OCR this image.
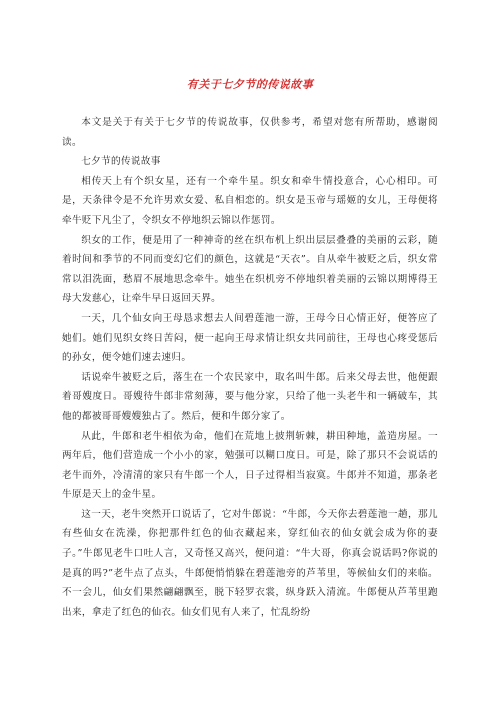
有关于七夕节的传说故事

本文是关于有关于七夕节的传说故事，仅供参考，希望对您有所帮助，感谢阅读。

七夕节的传说故事

相传天上有个织女星，还有一个牵牛星。织女和牵牛情投意合，心心相印。可是，天条律令是不允许男欢女爱、私自相恋的。织女是玉帝与瑶姬的女儿，王母便将牵牛贬下凡尘了，令织女不停地织云锦以作惩罚。

织女的工作，便是用了一种神奇的丝在织布机上织出层层叠叠的美丽的云彩，随着时间和季节的不同而变幻它们的颜色，这就是“天衣”。自从牵牛被贬之后，织女常常以泪洗面，愁眉不展地思念牵牛。她坐在织机旁不停地织着美丽的云锦以期博得王母大发慈心，让牵牛早日返回天界。

一天，几个仙女向王母恳求想去人间碧莲池一游，王母今日心情正好，便答应了她们。她们见织女终日苦闷，便一起向王母求情让织女共同前往，王母也心疼受惩后的孙女，便令她们速去速归。

话说牵牛被贬之后，落生在一个农民家中，取名叫牛郎。后来父母去世，他便跟着哥嫂度日。哥嫂待牛郎非常刻薄，要与他分家，只给了他一头老牛和一辆破车，其他的都被哥哥嫂嫂独占了。然后，便和牛郎分家了。

从此，牛郎和老牛相依为命，他们在荒地上披荆斩棘，耕田种地，盖造房屋。一两年后，他们营造成一个小小的家，勉强可以糊口度日。可是，除了那只不会说话的老牛而外，冷清清的家只有牛郎一个人，日子过得相当寂寞。牛郎并不知道，那条老牛原是天上的金牛星。

这一天，老牛突然开口说话了，它对牛郎说：“牛郎，今天你去碧莲池一趟，那儿有些仙女在洗澡，你把那件红色的仙衣藏起来，穿红仙衣的仙女就会成为你的妻子。”牛郎见老牛口吐人言，又奇怪又高兴，便问道：“牛大哥，你真会说话吗?你说的是真的吗?”老牛点了点头，牛郎便悄悄躲在碧莲池旁的芦苇里，等候仙女们的来临。不一会儿，仙女们果然翩翩飘至，脱下轻罗衣裳，纵身跃入清流。牛郎便从芦苇里跑出来，拿走了红色的仙衣。仙女们见有人来了，忙乱纷纷
